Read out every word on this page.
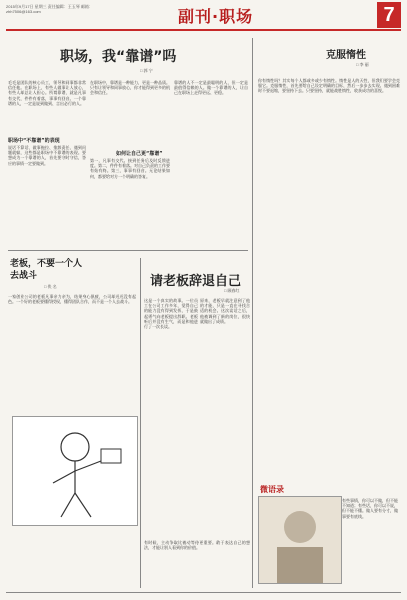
2015年9月17日 星期三 责任编辑：王玉琴 邮箱：zhh7506@163.com	副刊·职场	7
职场，我“靠谱”吗
□ 郭 宁
毛毛是团队的核心员工，领导和同事都非常信任他。在职场上，有些人做事让人放心，有些人却总让人担心。所谓靠谱，就是凡事有交代，件件有着落，事事有回音。一个靠谱的人，一定是说到做到、言出必行的人。
职场中“不靠谱”的表现
说话不算话、做事拖拉、推卸责任、遇到问题就躲，这些都是职场中不靠谱的表现。要想成为一个靠谱的人，首先要守时守信，答应的事情一定要做到。
在职场中，靠谱是一种能力，更是一种品质。只有让领导和同事放心，你才能得到更多的机会和信任。
如何让自己更“靠谱”
第一，凡事有交代。接到任务后及时反馈进度。第二，件件有着落。对自己负责的工作要有始有终。第三，事事有回音。无论结果如何，都要给对方一个明确的答复。
靠谱的人不一定是最聪明的人，但一定是最值得信赖的人。做一个靠谱的人，让自己在职场上走得更远、更稳。
克服惰性
□ 李 丽
你有惰性吗？其实每个人都或多或少有惰性。惰性是人的天性，但我们要学会克服它。克服惰性，首先要给自己设定明确的目标，然后一步步去实现。遇到困难时不要退缩，要坚持下去。只要坚持，就能战胜惰性，收获成功的喜悦。
老板，不要一个人去战斗
□ 佚 名
一家创业公司的老板凡事亲力亲为，结果身心俱疲，公司却迟迟没有起色。一个好的老板要懂得授权，懂得团队合作，而不是一个人去战斗。
请老板辞退自己
□ 顾春红
这是一个真实的故事。一位员工在公司工作多年，觉得自己的能力没有得到发挥，于是鼓起勇气向老板提出辞职。老板听后并没有生气，而是和他进行了一次长谈。
原来，老板早就注意到了他的才能，只是一直在寻找合适的机会。这次谈话之后，他被调到了新的岗位，很快就做出了成绩。
有时候，主动争取比被动等待更重要。敢于表达自己的想法，才能让别人看到你的价值。
微语录
有些事情，你可以不做，但不能不知道；有些话，你可以不说，但不能不懂。做人要有分寸，做事要有底线。
